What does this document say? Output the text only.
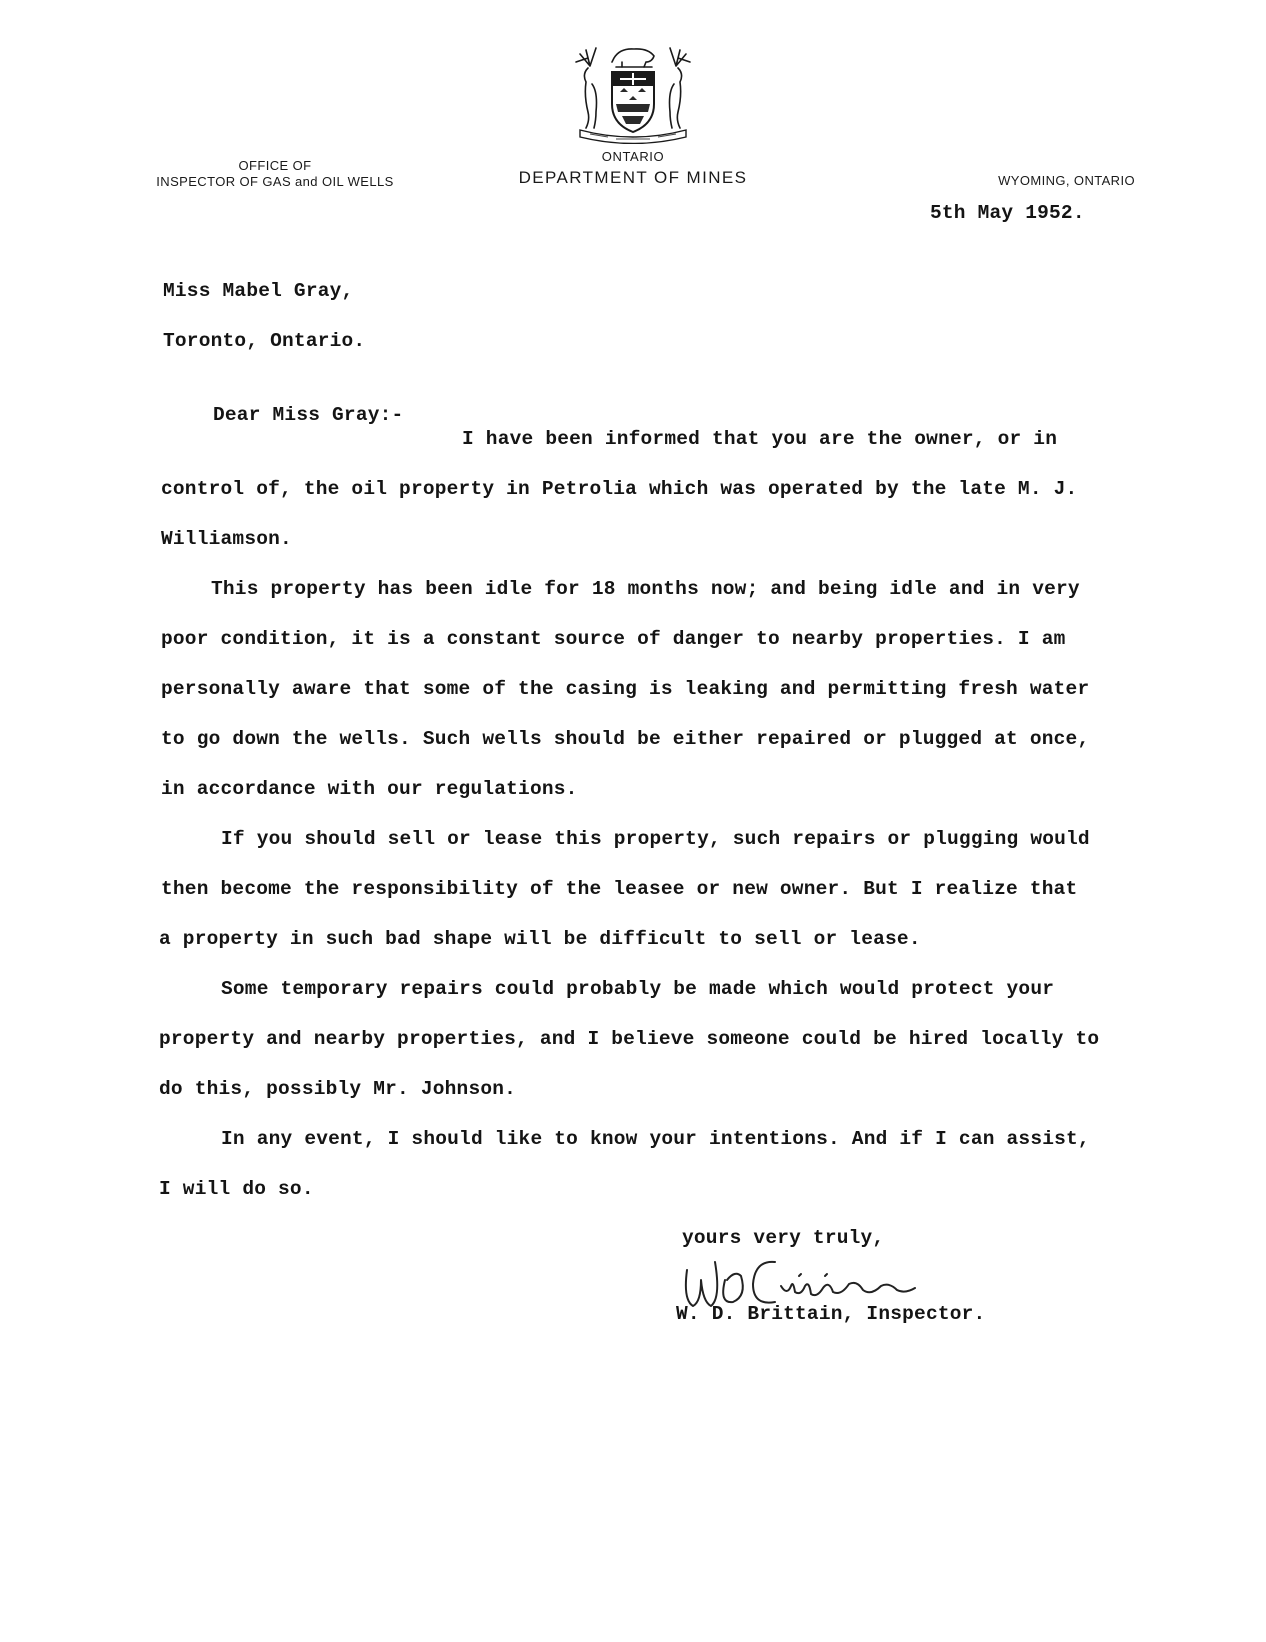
OFFICE OF
INSPECTOR OF GAS and OIL WELLS
ONTARIO
DEPARTMENT OF MINES	WYOMING, ONTARIO
5th May 1952.
Miss Mabel Gray,
Toronto, Ontario.
Dear Miss Gray:-
I have been informed that you are the owner, or in
control of, the oil property in Petrolia which was operated by the late M. J.
Williamson.
This property has been idle for 18 months now; and being idle and in very
poor condition, it is a constant source of danger to nearby properties. I am
personally aware that some of the casing is leaking and permitting fresh water
to go down the wells. Such wells should be either repaired or plugged at once,
in accordance with our regulations.
If you should sell or lease this property, such repairs or plugging would
then become the responsibility of the leasee or new owner. But I realize that
a property in such bad shape will be difficult to sell or lease.
Some temporary repairs could probably be made which would protect your
property and nearby properties, and I believe someone could be hired locally to
do this, possibly Mr. Johnson.
In any event, I should like to know your intentions. And if I can assist,
I will do so.
yours very truly,
W. D. Brittain, Inspector.
